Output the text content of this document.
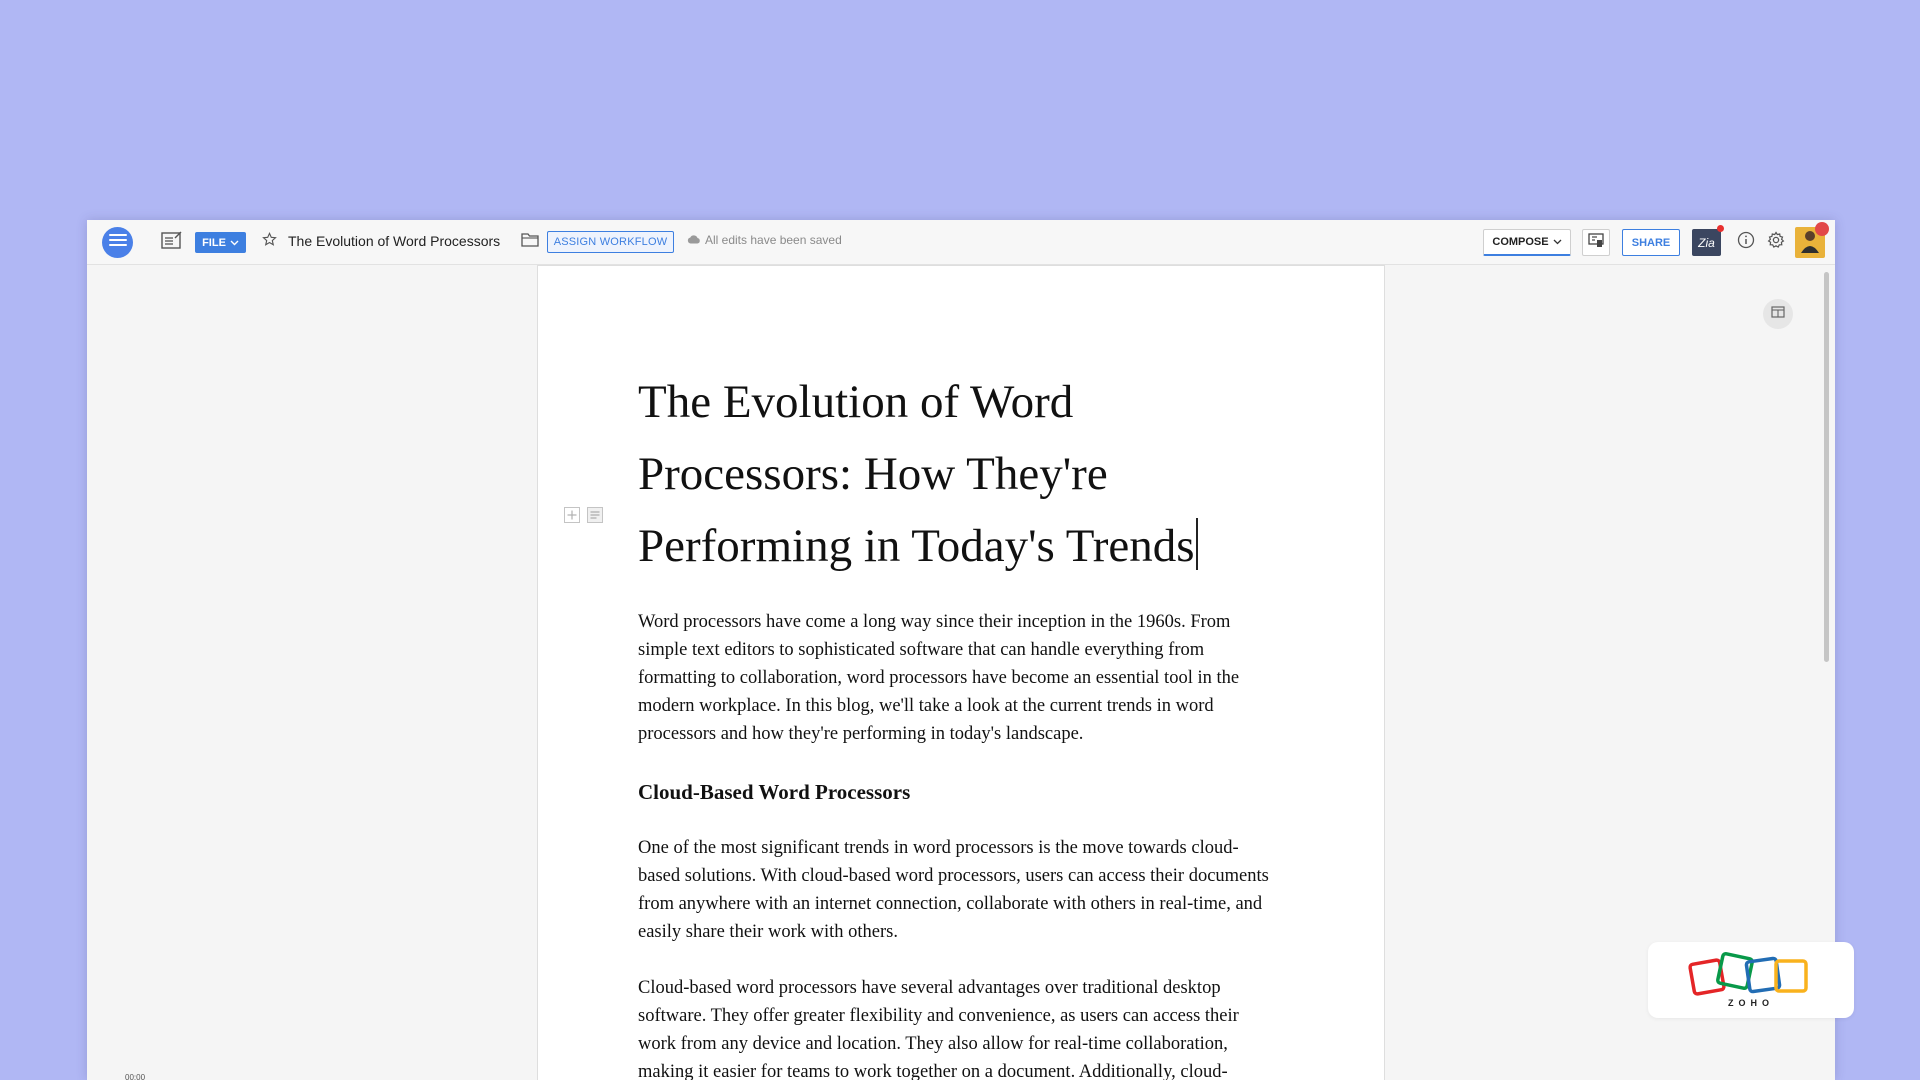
FILE	The Evolution of Word Processors	ASSIGN WORKFLOW	All edits have been saved	COMPOSE	SHARE	Zia
The Evolution of Word Processors: How They're Performing in Today's Trends

Word processors have come a long way since their inception in the 1960s. From simple text editors to sophisticated software that can handle everything from formatting to collaboration, word processors have become an essential tool in the modern workplace. In this blog, we'll take a look at the current trends in word processors and how they're performing in today's landscape.

Cloud-Based Word Processors

One of the most significant trends in word processors is the move towards cloud-based solutions. With cloud-based word processors, users can access their documents from anywhere with an internet connection, collaborate with others in real-time, and easily share their work with others.

Cloud-based word processors have several advantages over traditional desktop software. They offer greater flexibility and convenience, as users can access their work from any device and location. They also allow for real-time collaboration, making it easier for teams to work together on a document. Additionally, cloud-

00:00
ZOHO
